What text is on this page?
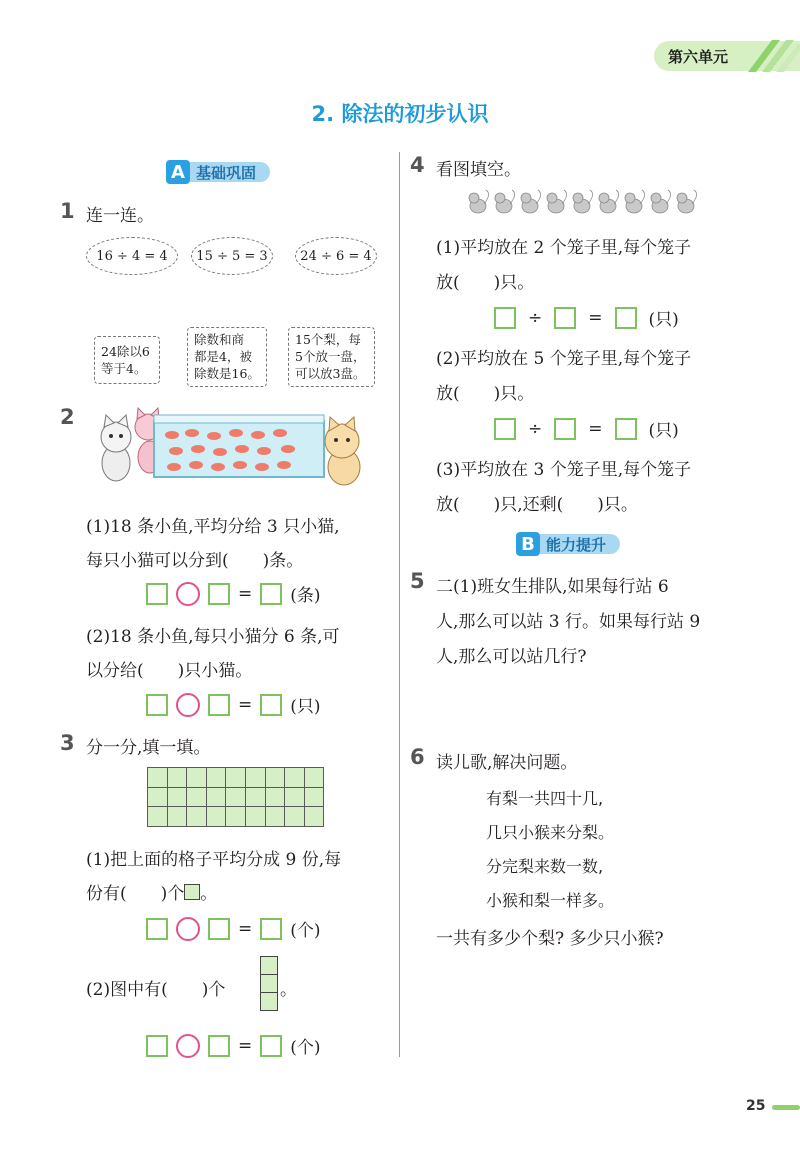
第六单元
2. 除法的初步认识
A 基础巩固
1 连一连。
16 ÷ 4 = 4	15 ÷ 5 = 3	24 ÷ 6 = 4
24除以6
等于4。
除数和商
都是4，被
除数是16。
15个梨，每
5个放一盘，
可以放3盘。
2
(1)18 条小鱼,平均分给 3 只小猫,
每只小猫可以分到(　　)条。
= (条)
(2)18 条小鱼,每只小猫分 6 条,可
以分给(　　)只小猫。
= (只)
3 分一分,填一填。

(1)把上面的格子平均分成 9 份,每
份有(　　)个 。
= (个)
(2)图中有(　　)个	。
= (个)
4 看图填空。
(1)平均放在 2 个笼子里,每个笼子
放(　　)只。
÷	=	(只)
(2)平均放在 5 个笼子里,每个笼子
放(　　)只。
÷	=	(只)
(3)平均放在 3 个笼子里,每个笼子
放(　　)只,还剩(　　)只。
B 能力提升
5 二(1)班女生排队,如果每行站 6
人,那么可以站 3 行。如果每行站 9
人,那么可以站几行?
6 读儿歌,解决问题。
有梨一共四十几,
几只小猴来分梨。
分完梨来数一数,
小猴和梨一样多。
一共有多少个梨? 多少只小猴?
25
